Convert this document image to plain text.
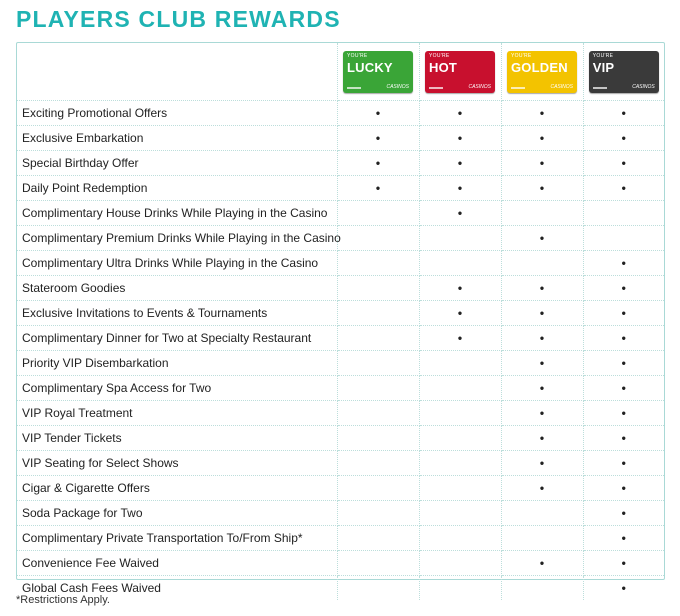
PLAYERS CLUB REWARDS

	YOU'RE
LUCKY
CASINOS	YOU'RE
HOT
CASINOS	YOU'RE
GOLDEN
CASINOS	YOU'RE
VIP
CASINOS

Exciting Promotional Offers	•	•	•	•
Exclusive Embarkation	•	•	•	•
Special Birthday Offer	•	•	•	•
Daily Point Redemption	•	•	•	•
Complimentary House Drinks While Playing in the Casino		•		
Complimentary Premium Drinks While Playing in the Casino			•	
Complimentary Ultra Drinks While Playing in the Casino				•
Stateroom Goodies		•	•	•
Exclusive Invitations to Events & Tournaments		•	•	•
Complimentary Dinner for Two at Specialty Restaurant		•	•	•
Priority VIP Disembarkation			•	•
Complimentary Spa Access for Two			•	•
VIP Royal Treatment			•	•
VIP Tender Tickets			•	•
VIP Seating for Select Shows			•	•
Cigar & Cigarette Offers			•	•
Soda Package for Two				•
Complimentary Private Transportation To/From Ship*				•
Convenience Fee Waived			•	•
Global Cash Fees Waived				•
*Restrictions Apply.
